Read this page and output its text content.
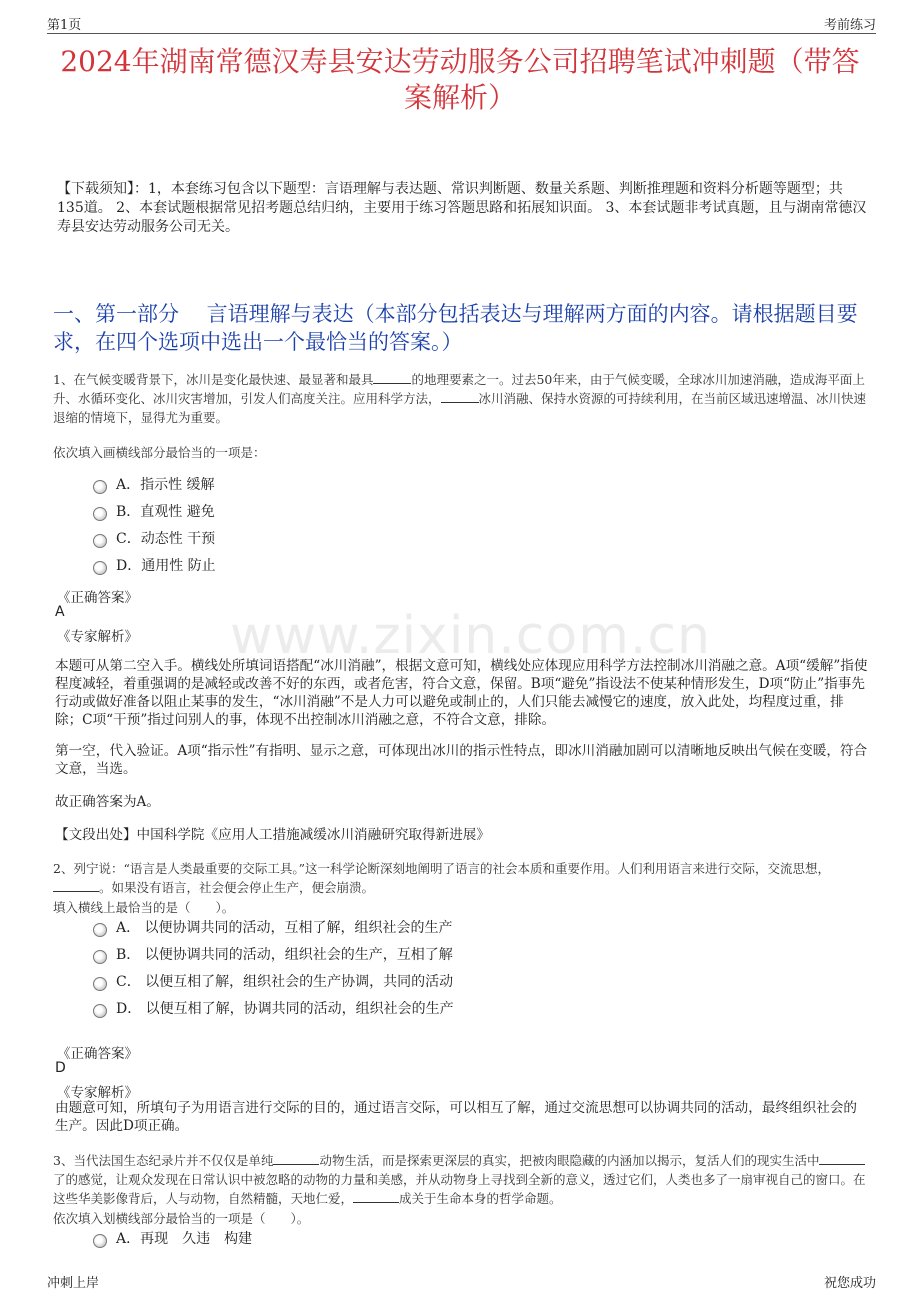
第1页	考前练习
2024年湖南常德汉寿县安达劳动服务公司招聘笔试冲刺题（带答案解析）
【下载须知】：1，本套练习包含以下题型：言语理解与表达题、常识判断题、数量关系题、判断推理题和资料分析题等题型；共135道。 2、本套试题根据常见招考题总结归纳，主要用于练习答题思路和拓展知识面。 3、本套试题非考试真题，且与湖南常德汉寿县安达劳动服务公司无关。
一、第一部分　 言语理解与表达（本部分包括表达与理解两方面的内容。请根据题目要求，在四个选项中选出一个最恰当的答案。）
1、在气候变暖背景下，冰川是变化最快速、最显著和最具	的地理要素之一。过去50年来，由于气候变暖，全球冰川加速消融，造成海平面上升、水循环变化、冰川灾害增加，引发人们高度关注。应用科学方法，	冰川消融、保持水资源的可持续利用，在当前区域迅速增温、冰川快速退缩的情境下，显得尤为重要。
依次填入画横线部分最恰当的一项是：
A．指示性 缓解
B．直观性 避免
C．动态性 干预
D．通用性 防止
《正确答案》
A
《专家解析》 www.zixin.com.cn
本题可从第二空入手。横线处所填词语搭配“冰川消融”，根据文意可知，横线处应体现应用科学方法控制冰川消融之意。A项“缓解”指使程度减轻，着重强调的是减轻或改善不好的东西，或者危害，符合文意，保留。B项“避免”指设法不使某种情形发生，D项“防止”指事先行动或做好准备以阻止某事的发生，“冰川消融”不是人力可以避免或制止的，人们只能去减慢它的速度，放入此处，均程度过重，排除；C项“干预”指过问别人的事，体现不出控制冰川消融之意，不符合文意，排除。
第一空，代入验证。A项“指示性”有指明、显示之意，可体现出冰川的指示性特点，即冰川消融加剧可以清晰地反映出气候在变暖，符合文意，当选。
故正确答案为A。
【文段出处】中国科学院《应用人工措施减缓冰川消融研究取得新进展》
2、列宁说：“语言是人类最重要的交际工具。”这一科学论断深刻地阐明了语言的社会本质和重要作用。人们利用语言来进行交际，交流思想，。如果没有语言，社会便会停止生产，便会崩溃。
填入横线上最恰当的是（　　）。
A． 以便协调共同的活动，互相了解，组织社会的生产
B． 以便协调共同的活动，组织社会的生产，互相了解
C． 以便互相了解，组织社会的生产协调，共同的活动
D． 以便互相了解，协调共同的活动，组织社会的生产
《正确答案》
D
《专家解析》
由题意可知，所填句子为用语言进行交际的目的，通过语言交际，可以相互了解，通过交流思想可以协调共同的活动，最终组织社会的生产。因此D项正确。
3、当代法国生态纪录片并不仅仅是单纯	动物生活，而是探索更深层的真实，把被肉眼隐藏的内涵加以揭示，复活人们的现实生活中了的感觉，让观众发现在日常认识中被忽略的动物的力量和美感，并从动物身上寻找到全新的意义，透过它们，人类也多了一扇审视自己的窗口。在这些华美影像背后，人与动物，自然精髓，天地仁爱，	成关于生命本身的哲学命题。
依次填入划横线部分最恰当的一项是（　　）。
A．再现　久违　构建
冲刺上岸	祝您成功
